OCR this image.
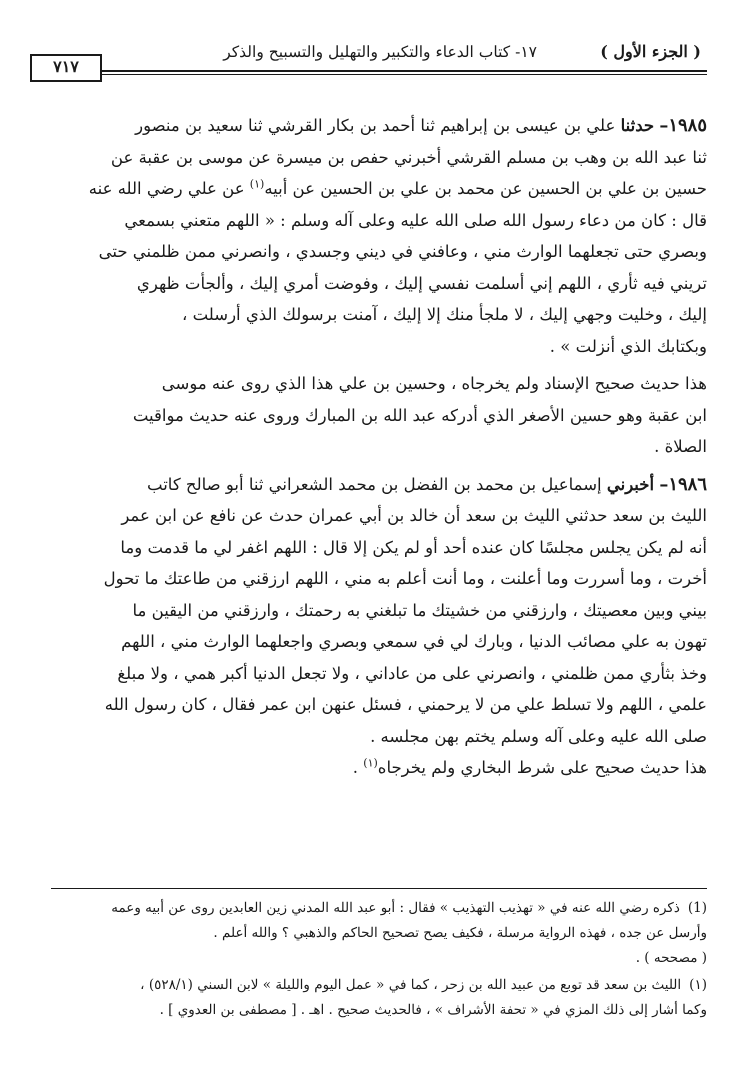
( الجزء الأول )
١٧- كتاب الدعاء والتكبير والتهليل والتسبيح والذكر
٧١٧
١٩٨٥– حدثنا علي بن عيسى بن إبراهيم ثنا أحمد بن بكار القرشي ثنا سعيد بن منصور
ثنا عبد الله بن وهب بن مسلم القرشي أخبرني حفص بن ميسرة عن موسى بن عقبة عن
حسين بن علي بن الحسين عن محمد بن علي بن الحسين عن أبيه$^{(١)}$ عن علي رضي الله عنه
قال : كان من دعاء رسول الله صلى الله عليه وعلى آله وسلم : « اللهم متعني بسمعي
وبصري حتى تجعلهما الوارث مني ، وعافني في ديني وجسدي ، وانصرني ممن ظلمني حتى
تريني فيه ثأري ، اللهم إني أسلمت نفسي إليك ، وفوضت أمري إليك ، وألجأت ظهري
إليك ، وخليت وجهي إليك ، لا ملجأ منك إلا إليك ، آمنت برسولك الذي أرسلت ،
وبكتابك الذي أنزلت » .
هذا حديث صحيح الإسناد ولم يخرجاه ، وحسين بن علي هذا الذي روى عنه موسى
ابن عقبة وهو حسين الأصغر الذي أدركه عبد الله بن المبارك وروى عنه حديث مواقيت
الصلاة .
١٩٨٦– أخبرني إسماعيل بن محمد بن الفضل بن محمد الشعراني ثنا أبو صالح كاتب
الليث بن سعد حدثني الليث بن سعد أن خالد بن أبي عمران حدث عن نافع عن ابن عمر
أنه لم يكن يجلس مجلسًا كان عنده أحد أو لم يكن إلا قال : اللهم اغفر لي ما قدمت وما
أخرت ، وما أسررت وما أعلنت ، وما أنت أعلم به مني ، اللهم ارزقني من طاعتك ما تحول
بيني وبين معصيتك ، وارزقني من خشيتك ما تبلغني به رحمتك ، وارزقني من اليقين ما
تهون به علي مصائب الدنيا ، وبارك لي في سمعي وبصري واجعلهما الوارث مني ، اللهم
وخذ بثأري ممن ظلمني ، وانصرني على من عاداني ، ولا تجعل الدنيا أكبر همي ، ولا مبلغ
علمي ، اللهم ولا تسلط علي من لا يرحمني ، فسئل عنهن ابن عمر فقال ، كان رسول الله
صلى الله عليه وعلى آله وسلم يختم بهن مجلسه .
هذا حديث صحيح على شرط البخاري ولم يخرجاه$^{(١)}$ .
(1)ذكره رضي الله عنه في « تهذيب التهذيب » فقال : أبو عبد الله المدني زين العابدين روى عن أبيه وعمه
وأرسل عن جده ، فهذه الرواية مرسلة ، فكيف يصح تصحيح الحاكم والذهبي ؟ والله أعلم .
( مصححه ) .
(١)الليث بن سعد قد توبع من عبيد الله بن زحر ، كما في « عمل اليوم والليلة » لابن السني (٥٢٨/١) ،
وكما أشار إلى ذلك المزي في « تحفة الأشراف » ، فالحديث صحيح . اهـ . [ مصطفى بن العدوي ] .
